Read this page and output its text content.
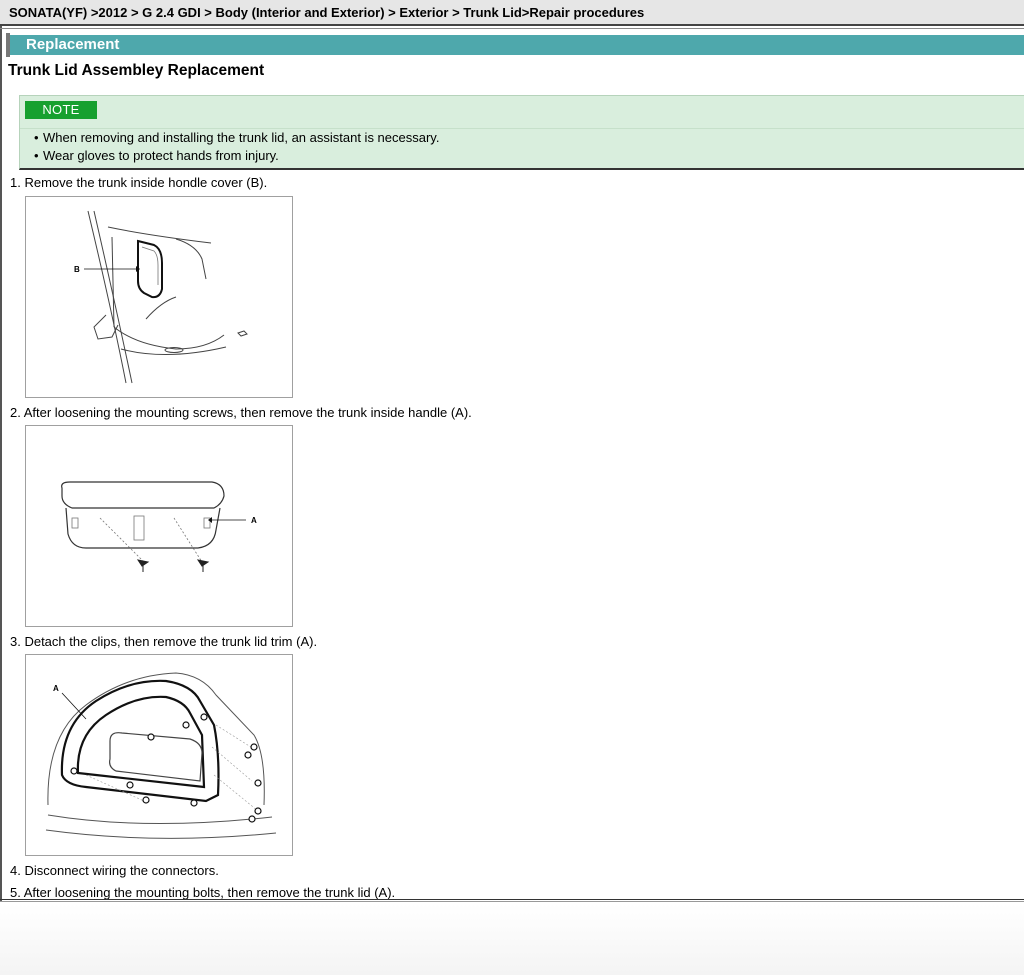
SONATA(YF) >2012 > G 2.4 GDI > Body (Interior and Exterior) > Exterior > Trunk Lid>Repair procedures
Replacement
Trunk Lid Assembley Replacement
NOTE
• When removing and installing the trunk lid, an assistant is necessary.
• Wear gloves to protect hands from injury.
1. Remove the trunk inside hondle cover (B).
B
2. After loosening the mounting screws, then remove the trunk inside handle (A).
A
3. Detach the clips, then remove the trunk lid trim (A).
A
4. Disconnect wiring the connectors.
5. After loosening the mounting bolts, then remove the trunk lid (A).
